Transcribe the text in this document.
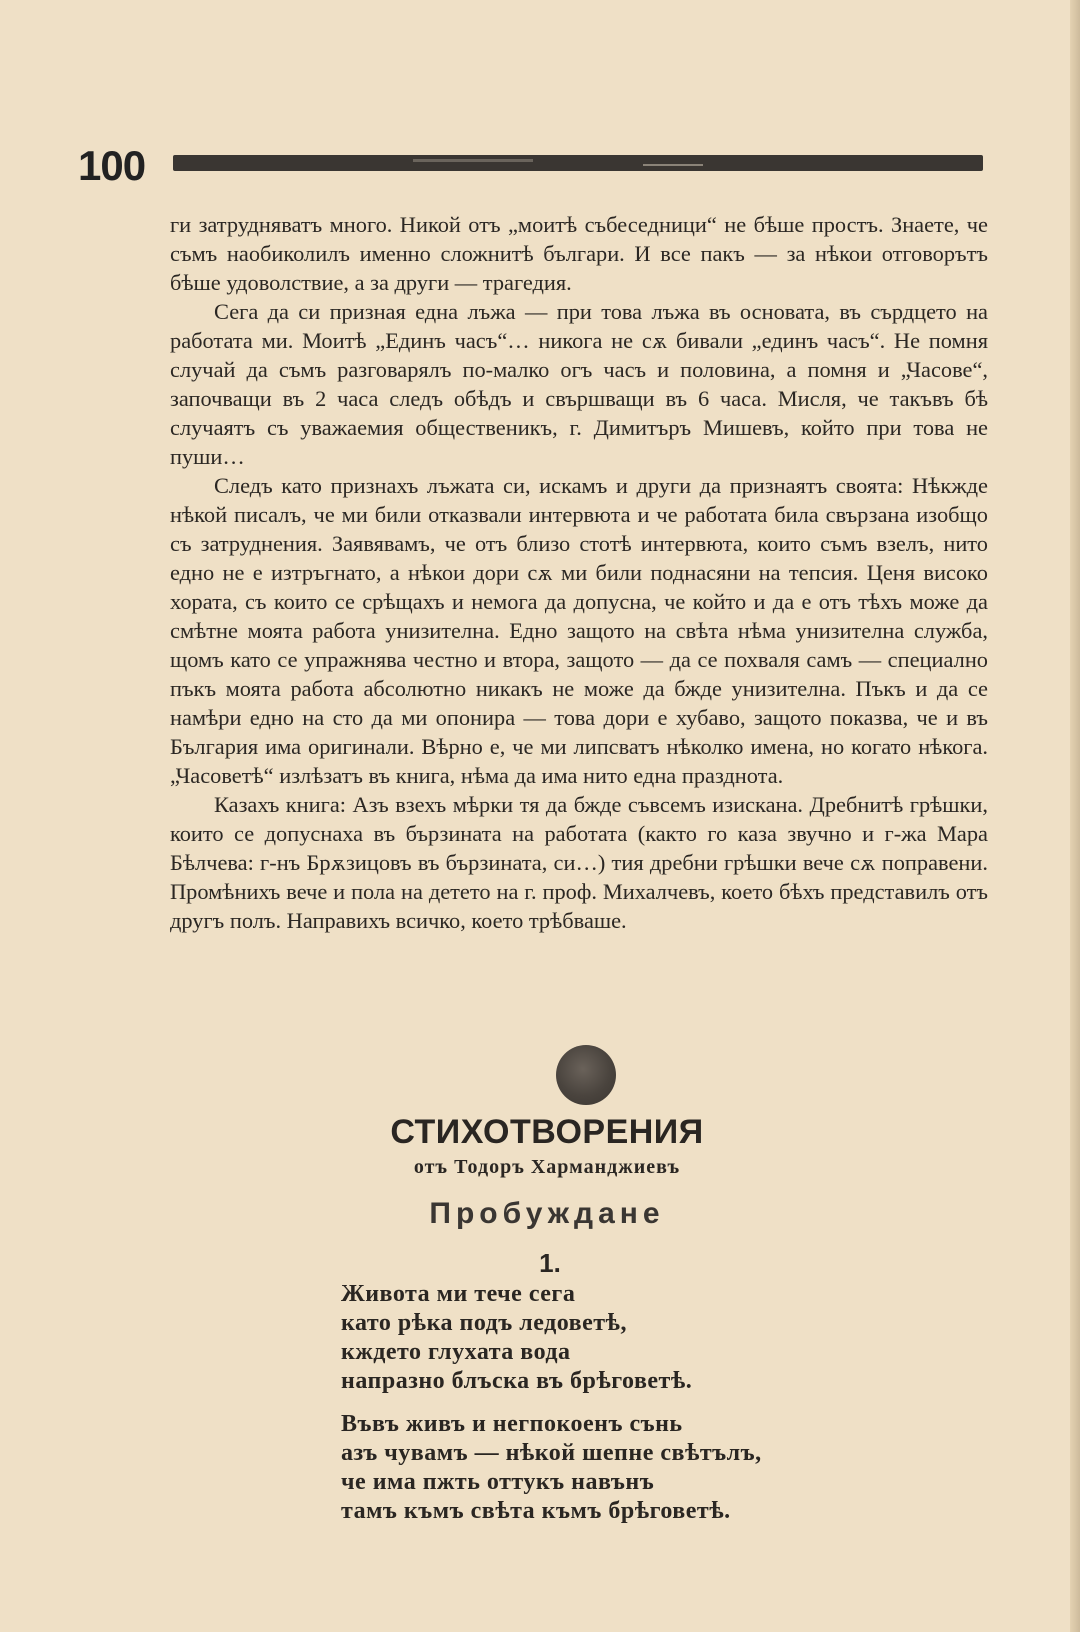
100

ги затрудняватъ много. Никой отъ „моитѣ събеседници“ не бѣше простъ. Знаете, че съмъ наобиколилъ именно сложнитѣ българи. И все пакъ — за нѣкои отговорътъ бѣше удоволствие, а за други — трагедия.

Сега да си призная една лъжа — при това лъжа въ основата, въ сърдцето на работата ми. Моитѣ „Единъ часъ“… никога не сѫ бивали „единъ часъ“. Не помня случай да съмъ разговарялъ по-малко огъ часъ и половина, а помня и „Часове“, започващи въ 2 часа следъ обѣдъ и свършващи въ 6 часа. Мисля, че такъвъ бѣ случаятъ съ уважаемия общественикъ, г. Димитъръ Мишевъ, който при това не пуши…

Следъ като признахъ лъжата си, искамъ и други да признаятъ своята: Нѣкжде нѣкой писалъ, че ми били отказвали интервюта и че работата била свързана изобщо съ затруднения. Заявявамъ, че отъ близо стотѣ интервюта, които съмъ взелъ, нито едно не е изтръгнато, а нѣкои дори сѫ ми били поднасяни на тепсия. Ценя високо хората, съ които се срѣщахъ и немога да допусна, че който и да е отъ тѣхъ може да смѣтне моята работа унизителна. Едно защото на свѣта нѣма унизителна служба, щомъ като се упражнява честно и втора, защото — да се похваля самъ — специално пъкъ моята работа абсолютно никакъ не може да бжде унизителна. Пъкъ и да се намѣри едно на сто да ми опонира — това дори е хубаво, защото показва, че и въ България има оригинали. Вѣрно е, че ми липсватъ нѣколко имена, но когато нѣкога. „Часоветѣ“ излѣзатъ въ книга, нѣма да има нито една празднота.

Казахъ книга: Азъ взехъ мѣрки тя да бжде съвсемъ изискана. Дребнитѣ грѣшки, които се допуснаха въ бързината на работата (както го каза звучно и г-жа Мара Бѣлчева: г-нъ Брѫзицовъ въ бързината, си…) тия дребни грѣшки вече сѫ поправени. Промѣнихъ вече и пола на детето на г. проф. Михалчевъ, което бѣхъ представилъ отъ другъ полъ. Направихъ всичко, което трѣбваше.

СТИХОТВОРЕНИЯ
отъ Тодоръ Харманджиевъ
Пробуждане
1.
Живота ми тече сега
като рѣка подъ ледоветѣ,
кждето глухата вода
напразно блъска въ брѣговетѣ.
Въвъ живъ и негпокоенъ сънь
азъ чувамъ — нѣкой шепне свѣтълъ,
че има пжть оттукъ навънъ
тамъ къмъ свѣта къмъ брѣговетѣ.
